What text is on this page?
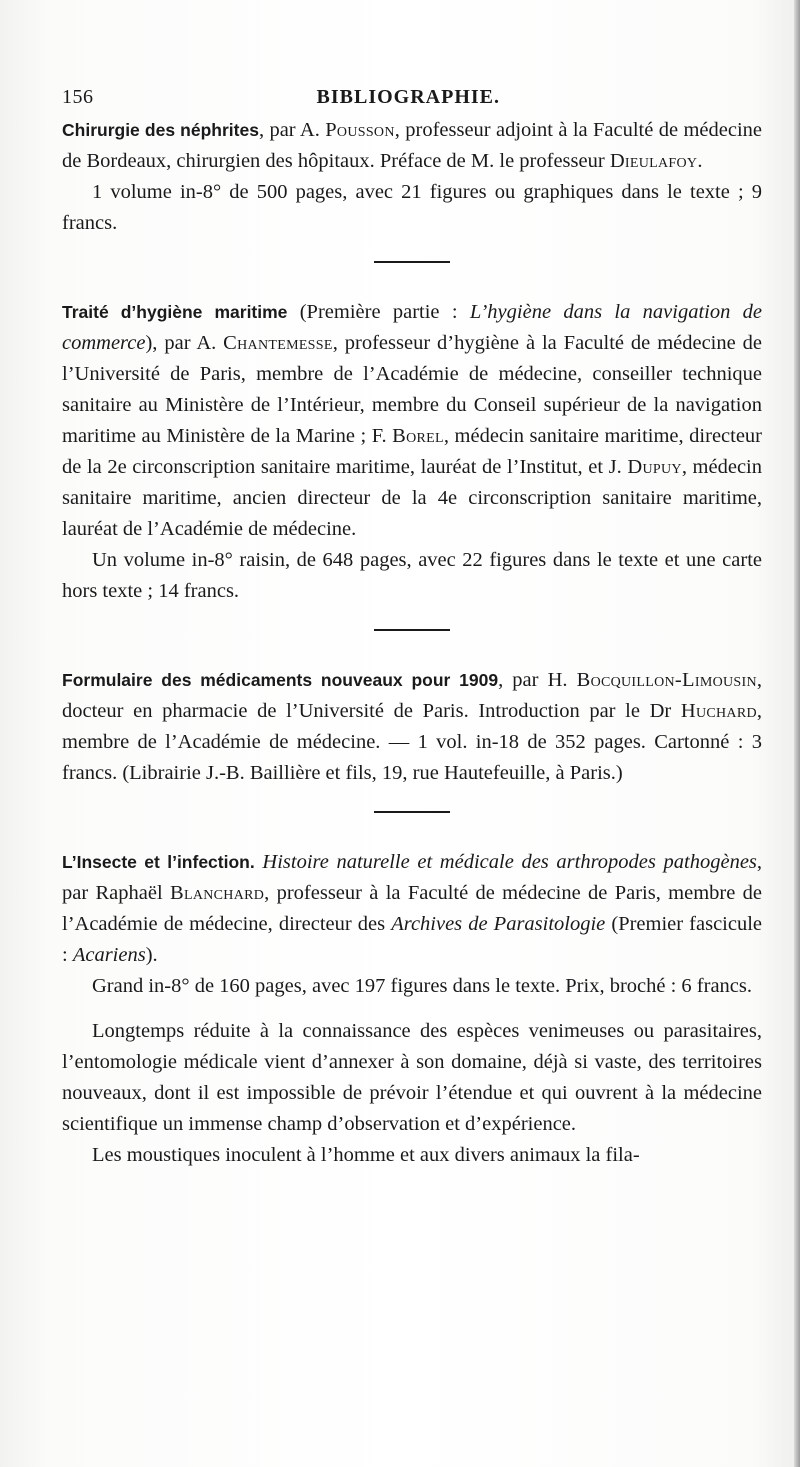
156	BIBLIOGRAPHIE.

Chirurgie des néphrites, par A. Pousson, professeur adjoint à la Faculté de médecine de Bordeaux, chirurgien des hôpitaux. Préface de M. le professeur Dieulafoy.

1 volume in-8° de 500 pages, avec 21 figures ou graphiques dans le texte ; 9 francs.

Traité d’hygiène maritime (Première partie : L’hygiène dans la navigation de commerce), par A. Chantemesse, professeur d’hygiène à la Faculté de médecine de l’Université de Paris, membre de l’Académie de médecine, conseiller technique sanitaire au Ministère de l’Intérieur, membre du Conseil supérieur de la navigation maritime au Ministère de la Marine ; F. Borel, médecin sanitaire maritime, directeur de la 2e circonscription sanitaire maritime, lauréat de l’Institut, et J. Dupuy, médecin sanitaire maritime, ancien directeur de la 4e circonscription sanitaire maritime, lauréat de l’Académie de médecine.

Un volume in-8° raisin, de 648 pages, avec 22 figures dans le texte et une carte hors texte ; 14 francs.

Formulaire des médicaments nouveaux pour 1909, par H. Bocquillon-Limousin, docteur en pharmacie de l’Université de Paris. Introduction par le Dr Huchard, membre de l’Académie de médecine. — 1 vol. in-18 de 352 pages. Cartonné : 3 francs. (Librairie J.-B. Baillière et fils, 19, rue Hautefeuille, à Paris.)

L’Insecte et l’infection. Histoire naturelle et médicale des arthropodes pathogènes, par Raphaël Blanchard, professeur à la Faculté de médecine de Paris, membre de l’Académie de médecine, directeur des Archives de Parasitologie (Premier fascicule : Acariens).

Grand in-8° de 160 pages, avec 197 figures dans le texte. Prix, broché : 6 francs.

Longtemps réduite à la connaissance des espèces venimeuses ou parasitaires, l’entomologie médicale vient d’annexer à son domaine, déjà si vaste, des territoires nouveaux, dont il est impossible de prévoir l’étendue et qui ouvrent à la médecine scientifique un immense champ d’observation et d’expérience.

Les moustiques inoculent à l’homme et aux divers animaux la fila-
